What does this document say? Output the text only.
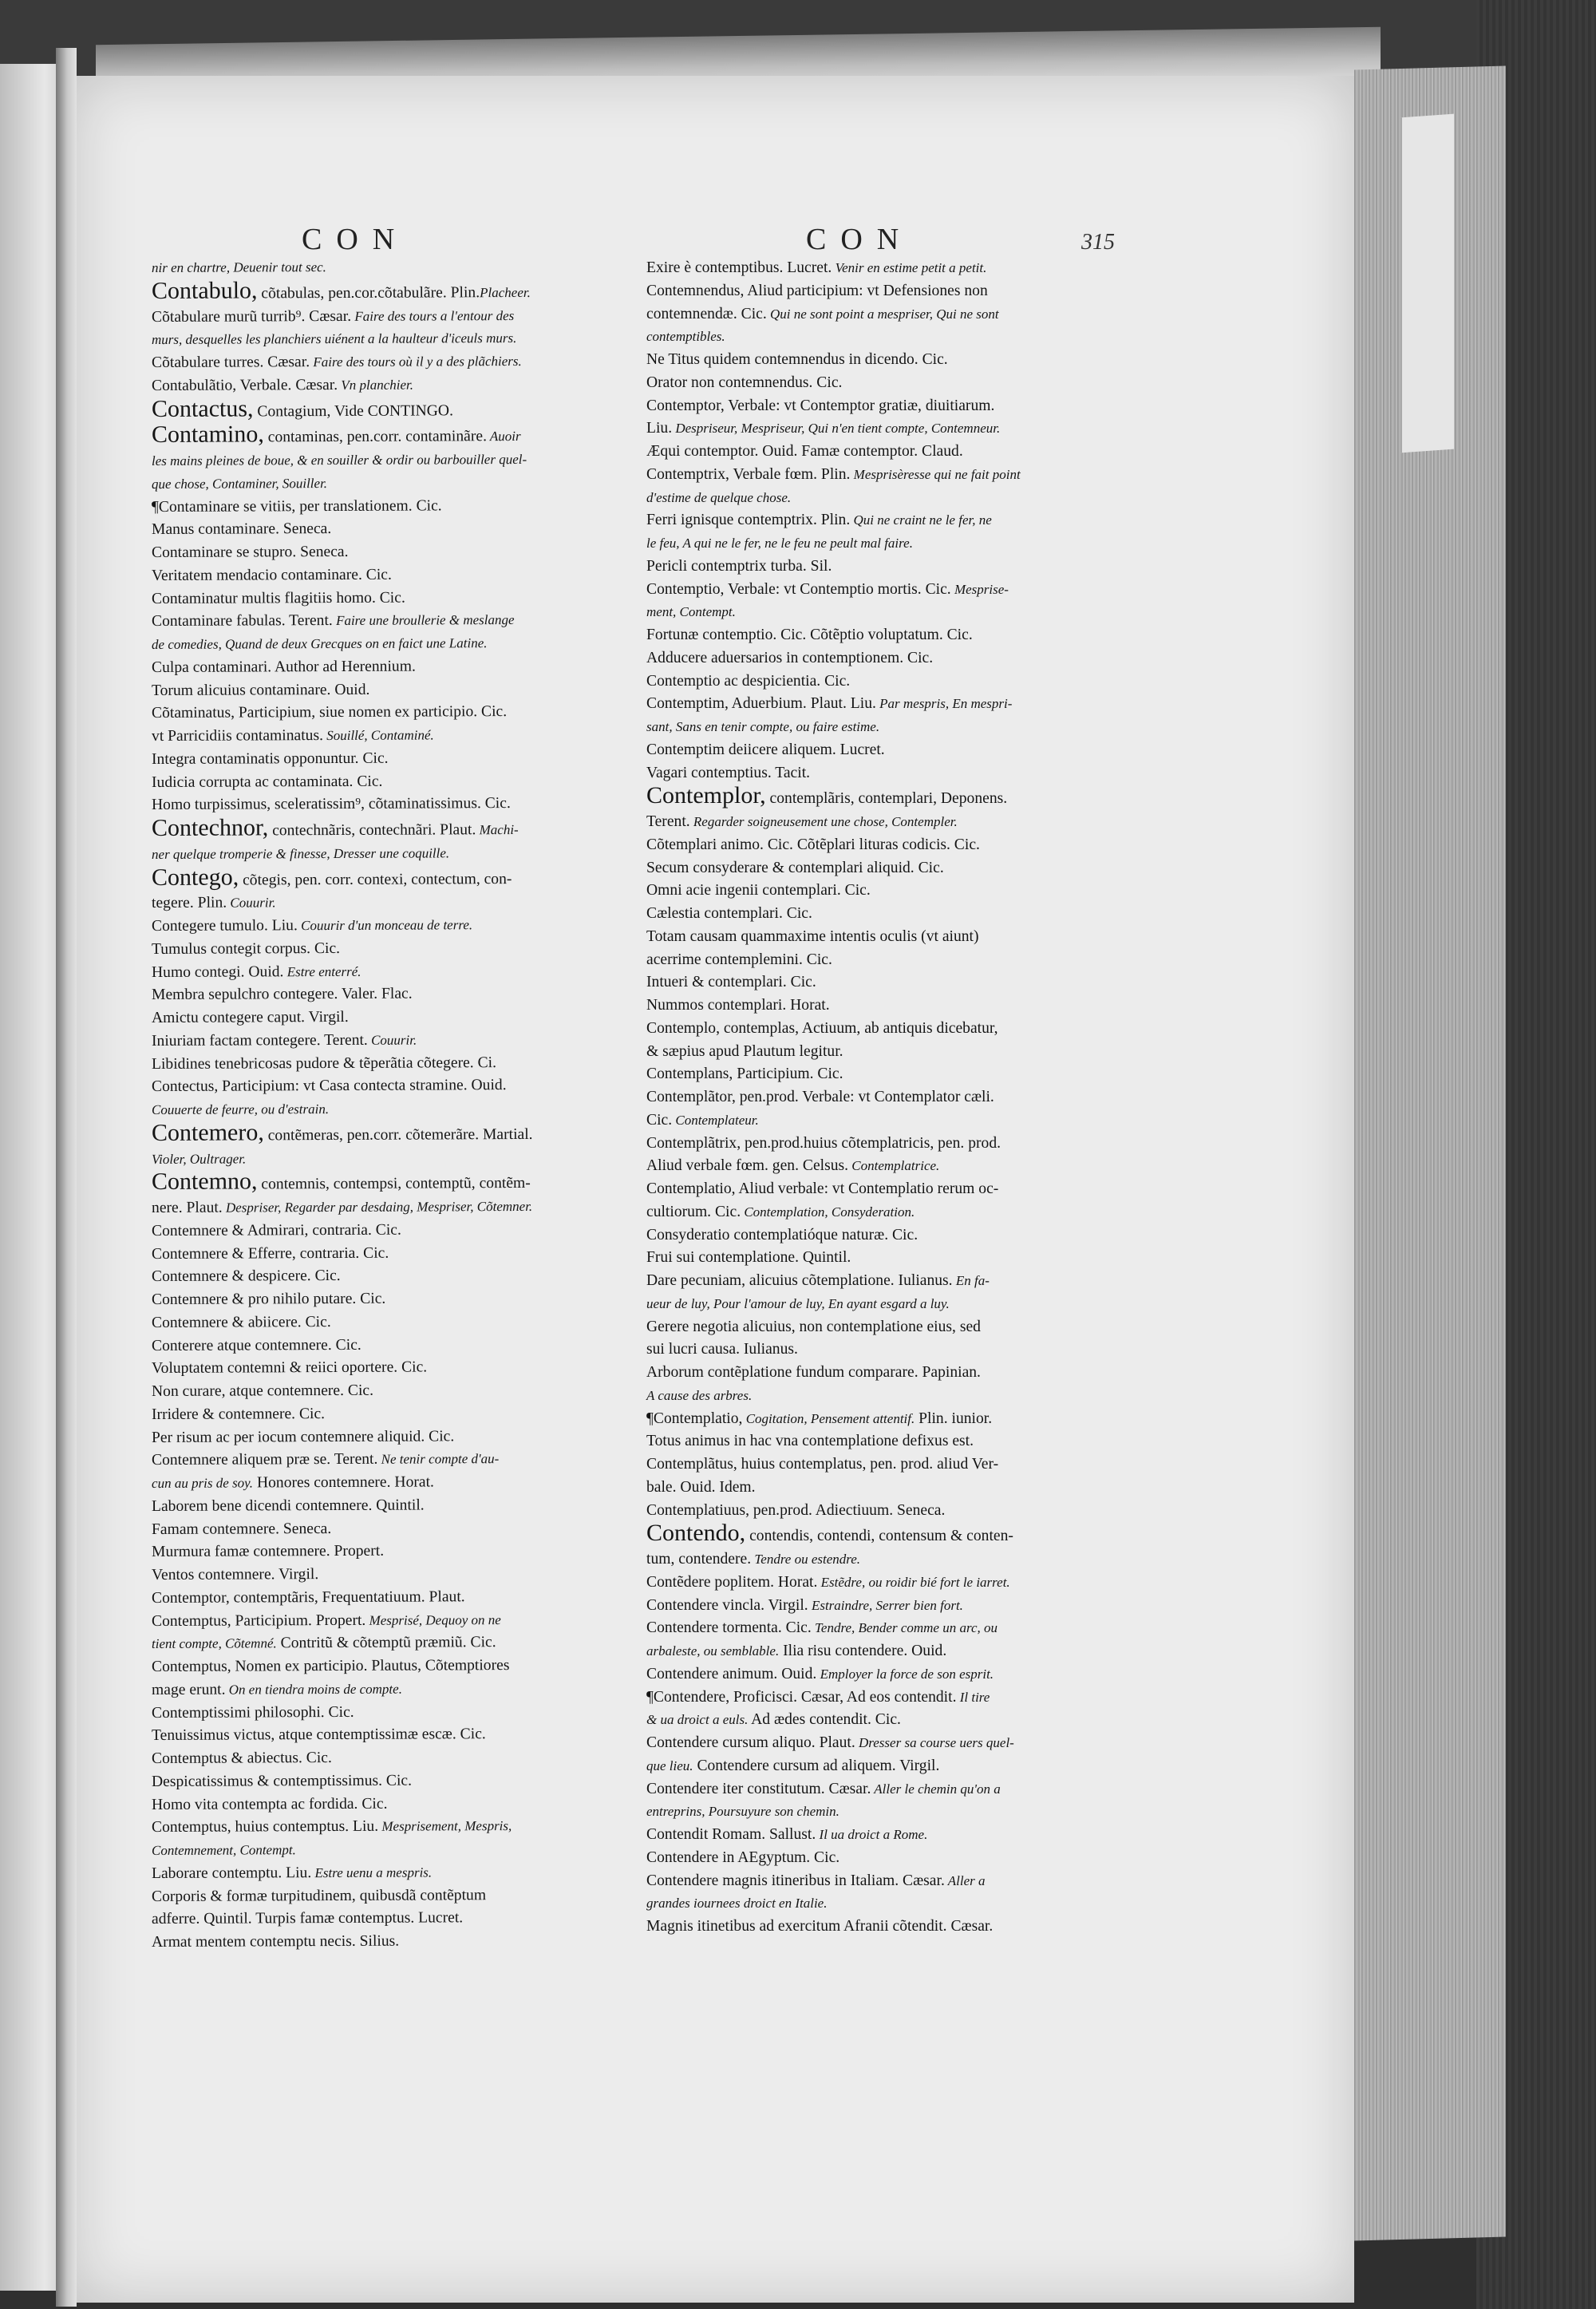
CON	CON	315
nir en chartre, Deuenir tout sec.
Contabulo, cõtabulas, pen.cor.cõtabulãre. Plin.Placheer.
Cõtabulare murũ turrib⁹. Cæsar. Faire des tours a l'entour des
murs, desquelles les planchiers uiénent a la haulteur d'iceuls murs.
Cõtabulare turres. Cæsar. Faire des tours où il y a des plãchiers.
Contabulãtio, Verbale. Cæsar. Vn planchier.
Contactus, Contagium, Vide CONTINGO.
Contamino, contaminas, pen.corr. contaminãre. Auoir
les mains pleines de boue, & en souiller & ordir ou barbouiller quel-
que chose, Contaminer, Souiller.
¶Contaminare se vitiis, per translationem. Cic.
Manus contaminare. Seneca.
Contaminare se stupro. Seneca.
Veritatem mendacio contaminare. Cic.
Contaminatur multis flagitiis homo. Cic.
Contaminare fabulas. Terent. Faire une broullerie & meslange
de comedies, Quand de deux Grecques on en faict une Latine.
Culpa contaminari. Author ad Herennium.
Torum alicuius contaminare. Ouid.
Cõtaminatus, Participium, siue nomen ex participio. Cic.
vt Parricidiis contaminatus. Souillé, Contaminé.
Integra contaminatis opponuntur. Cic.
Iudicia corrupta ac contaminata. Cic.
Homo turpissimus, sceleratissim⁹, cõtaminatissimus. Cic.
Contechnor, contechnãris, contechnãri. Plaut. Machi-
ner quelque tromperie & finesse, Dresser une coquille.
Contego, cõtegis, pen. corr. contexi, contectum, con-
tegere. Plin. Couurir.
Contegere tumulo. Liu. Couurir d'un monceau de terre.
Tumulus contegit corpus. Cic.
Humo contegi. Ouid. Estre enterré.
Membra sepulchro contegere. Valer. Flac.
Amictu contegere caput. Virgil.
Iniuriam factam contegere. Terent. Couurir.
Libidines tenebricosas pudore & tẽperãtia cõtegere. Ci.
Contectus, Participium: vt Casa contecta stramine. Ouid.
Couuerte de feurre, ou d'estrain.
Contemero, contẽmeras, pen.corr. cõtemerãre. Martial.
Violer, Oultrager.
Contemno, contemnis, contempsi, contemptũ, contẽm-
nere. Plaut. Despriser, Regarder par desdaing, Mespriser, Cõtemner.
Contemnere & Admirari, contraria. Cic.
Contemnere & Efferre, contraria. Cic.
Contemnere & despicere. Cic.
Contemnere & pro nihilo putare. Cic.
Contemnere & abiicere. Cic.
Conterere atque contemnere. Cic.
Voluptatem contemni & reiici oportere. Cic.
Non curare, atque contemnere. Cic.
Irridere & contemnere. Cic.
Per risum ac per iocum contemnere aliquid. Cic.
Contemnere aliquem præ se. Terent. Ne tenir compte d'au-
cun au pris de soy. Honores contemnere. Horat.
Laborem bene dicendi contemnere. Quintil.
Famam contemnere. Seneca.
Murmura famæ contemnere. Propert.
Ventos contemnere. Virgil.
Contemptor, contemptãris, Frequentatiuum. Plaut.
Contemptus, Participium. Propert. Mesprisé, Dequoy on ne
tient compte, Cõtemné. Contritũ & cõtemptũ præmiũ. Cic.
Contemptus, Nomen ex participio. Plautus, Cõtemptiores
mage erunt. On en tiendra moins de compte.
Contemptissimi philosophi. Cic.
Tenuissimus victus, atque contemptissimæ escæ. Cic.
Contemptus & abiectus. Cic.
Despicatissimus & contemptissimus. Cic.
Homo vita contempta ac fordida. Cic.
Contemptus, huius contemptus. Liu. Mesprisement, Mespris,
Contemnement, Contempt.
Laborare contemptu. Liu. Estre uenu a mespris.
Corporis & formæ turpitudinem, quibusdã contẽptum
adferre. Quintil. Turpis famæ contemptus. Lucret.
Armat mentem contemptu necis. Silius.
Exire è contemptibus. Lucret. Venir en estime petit a petit.
Contemnendus, Aliud participium: vt Defensiones non
contemnendæ. Cic. Qui ne sont point a mespriser, Qui ne sont
contemptibles.
Ne Titus quidem contemnendus in dicendo. Cic.
Orator non contemnendus. Cic.
Contemptor, Verbale: vt Contemptor gratiæ, diuitiarum.
Liu. Despriseur, Mespriseur, Qui n'en tient compte, Contemneur.
Æqui contemptor. Ouid. Famæ contemptor. Claud.
Contemptrix, Verbale fœm. Plin. Mesprisèresse qui ne fait point
d'estime de quelque chose.
Ferri ignisque contemptrix. Plin. Qui ne craint ne le fer, ne
le feu, A qui ne le fer, ne le feu ne peult mal faire.
Pericli contemptrix turba. Sil.
Contemptio, Verbale: vt Contemptio mortis. Cic. Mesprise-
ment, Contempt.
Fortunæ contemptio. Cic. Cõtẽptio voluptatum. Cic.
Adducere aduersarios in contemptionem. Cic.
Contemptio ac despicientia. Cic.
Contemptim, Aduerbium. Plaut. Liu. Par mespris, En mespri-
sant, Sans en tenir compte, ou faire estime.
Contemptim deiicere aliquem. Lucret.
Vagari contemptius. Tacit.
Contemplor, contemplãris, contemplari, Deponens.
Terent. Regarder soigneusement une chose, Contempler.
Cõtemplari animo. Cic. Cõtẽplari lituras codicis. Cic.
Secum consyderare & contemplari aliquid. Cic.
Omni acie ingenii contemplari. Cic.
Cælestia contemplari. Cic.
Totam causam quammaxime intentis oculis (vt aiunt)
acerrime contemplemini. Cic.
Intueri & contemplari. Cic.
Nummos contemplari. Horat.
Contemplo, contemplas, Actiuum, ab antiquis dicebatur,
& sæpius apud Plautum legitur.
Contemplans, Participium. Cic.
Contemplãtor, pen.prod. Verbale: vt Contemplator cæli.
Cic. Contemplateur.
Contemplãtrix, pen.prod.huius cõtemplatricis, pen. prod.
Aliud verbale fœm. gen. Celsus. Contemplatrice.
Contemplatio, Aliud verbale: vt Contemplatio rerum oc-
cultiorum. Cic. Contemplation, Consyderation.
Consyderatio contemplatióque naturæ. Cic.
Frui sui contemplatione. Quintil.
Dare pecuniam, alicuius cõtemplatione. Iulianus. En fa-
ueur de luy, Pour l'amour de luy, En ayant esgard a luy.
Gerere negotia alicuius, non contemplatione eius, sed
sui lucri causa. Iulianus.
Arborum contẽplatione fundum comparare. Papinian.
A cause des arbres.
¶Contemplatio, Cogitation, Pensement attentif. Plin. iunior.
Totus animus in hac vna contemplatione defixus est.
Contemplãtus, huius contemplatus, pen. prod. aliud Ver-
bale. Ouid. Idem.
Contemplatiuus, pen.prod. Adiectiuum. Seneca.
Contendo, contendis, contendi, contensum & conten-
tum, contendere. Tendre ou estendre.
Contẽdere poplitem. Horat. Estẽdre, ou roidir bié fort le iarret.
Contendere vincla. Virgil. Estraindre, Serrer bien fort.
Contendere tormenta. Cic. Tendre, Bender comme un arc, ou
arbaleste, ou semblable. Ilia risu contendere. Ouid.
Contendere animum. Ouid. Employer la force de son esprit.
¶Contendere, Proficisci. Cæsar, Ad eos contendit. Il tire
& ua droict a euls. Ad ædes contendit. Cic.
Contendere cursum aliquo. Plaut. Dresser sa course uers quel-
que lieu. Contendere cursum ad aliquem. Virgil.
Contendere iter constitutum. Cæsar. Aller le chemin qu'on a
entreprins, Poursuyure son chemin.
Contendit Romam. Sallust. Il ua droict a Rome.
Contendere in AEgyptum. Cic.
Contendere magnis itineribus in Italiam. Cæsar. Aller a
grandes iournees droict en Italie.
Magnis itinetibus ad exercitum Afranii cõtendit. Cæsar.
